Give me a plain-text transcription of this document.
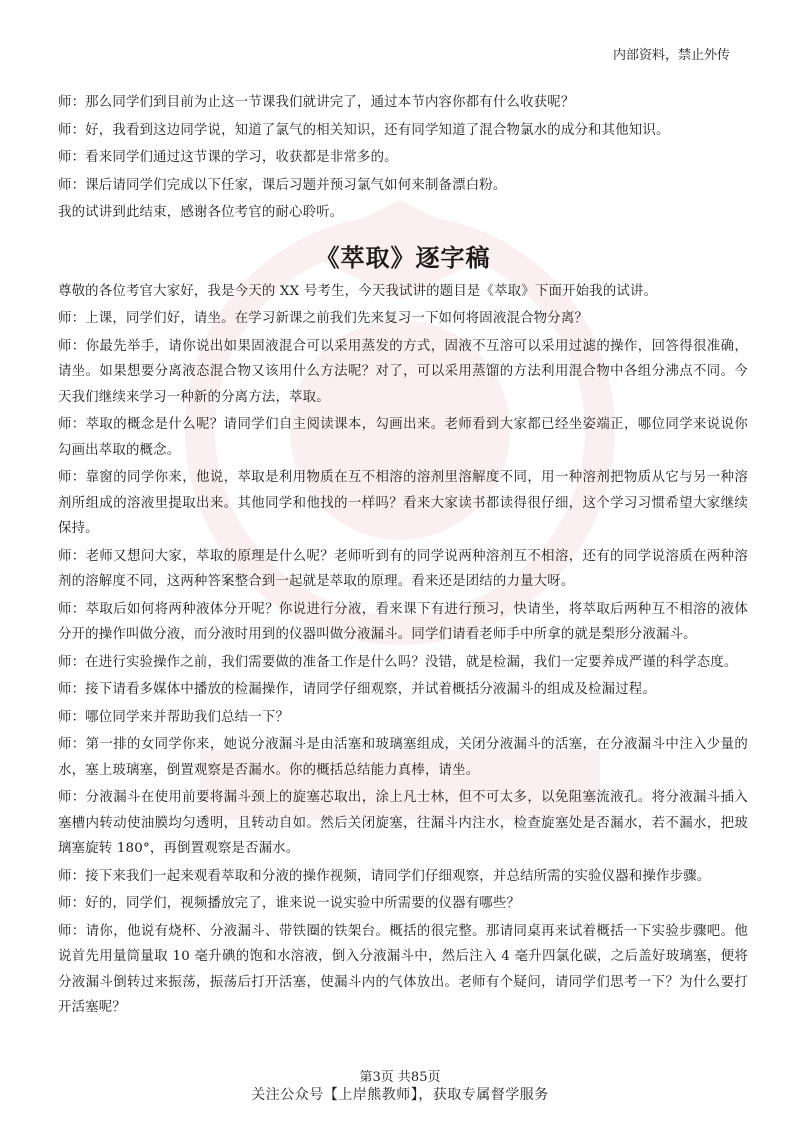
内部资料，禁止外传

师：那么同学们到目前为止这一节课我们就讲完了，通过本节内容你都有什么收获呢？

师：好，我看到这边同学说，知道了氯气的相关知识，还有同学知道了混合物氯水的成分和其他知识。

师：看来同学们通过这节课的学习，收获都是非常多的。

师：课后请同学们完成以下任家，课后习题并预习氯气如何来制备漂白粉。

我的试讲到此结束，感谢各位考官的耐心聆听。

《萃取》逐字稿

尊敬的各位考官大家好，我是今天的 XX 号考生，今天我试讲的题目是《萃取》下面开始我的试讲。

师：上课，同学们好，请坐。在学习新课之前我们先来复习一下如何将固液混合物分离？

师：你最先举手，请你说出如果固液混合可以采用蒸发的方式，固液不互溶可以采用过滤的操作，回答得很准确，请坐。如果想要分离液态混合物又该用什么方法呢？对了，可以采用蒸馏的方法利用混合物中各组分沸点不同。今天我们继续来学习一种新的分离方法，萃取。

师：萃取的概念是什么呢？请同学们自主阅读课本，勾画出来。老师看到大家都已经坐姿端正，哪位同学来说说你勾画出萃取的概念。

师：靠窗的同学你来，他说，萃取是利用物质在互不相溶的溶剂里溶解度不同，用一种溶剂把物质从它与另一种溶剂所组成的溶液里提取出来。其他同学和他找的一样吗？看来大家读书都读得很仔细，这个学习习惯希望大家继续保持。

师：老师又想问大家，萃取的原理是什么呢？老师听到有的同学说两种溶剂互不相溶，还有的同学说溶质在两种溶剂的溶解度不同，这两种答案整合到一起就是萃取的原理。看来还是团结的力量大呀。

师：萃取后如何将两种液体分开呢？你说进行分液，看来课下有进行预习，快请坐，将萃取后两种互不相溶的液体分开的操作叫做分液，而分液时用到的仪器叫做分液漏斗。同学们请看老师手中所拿的就是梨形分液漏斗。

师：在进行实验操作之前，我们需要做的准备工作是什么吗？没错，就是检漏，我们一定要养成严谨的科学态度。

师：接下请看多媒体中播放的检漏操作，请同学仔细观察，并试着概括分液漏斗的组成及检漏过程。

师：哪位同学来并帮助我们总结一下？

师：第一排的女同学你来，她说分液漏斗是由活塞和玻璃塞组成，关闭分液漏斗的活塞，在分液漏斗中注入少量的水，塞上玻璃塞，倒置观察是否漏水。你的概括总结能力真棒，请坐。

师：分液漏斗在使用前要将漏斗颈上的旋塞芯取出，涂上凡士林，但不可太多，以免阻塞流液孔。将分液漏斗插入塞槽内转动使油膜均匀透明，且转动自如。然后关闭旋塞，往漏斗内注水，检查旋塞处是否漏水，若不漏水，把玻璃塞旋转 180°，再倒置观察是否漏水。

师：接下来我们一起来观看萃取和分液的操作视频，请同学们仔细观察，并总结所需的实验仪器和操作步骤。

师：好的，同学们，视频播放完了，谁来说一说实验中所需要的仪器有哪些？

师：请你，他说有烧杯、分液漏斗、带铁圈的铁架台。概括的很完整。那请同桌再来试着概括一下实验步骤吧。他说首先用量筒量取 10 毫升碘的饱和水溶液，倒入分液漏斗中，然后注入 4 毫升四氯化碳，之后盖好玻璃塞，便将分液漏斗倒转过来振荡，振荡后打开活塞，使漏斗内的气体放出。老师有个疑问，请同学们思考一下？为什么要打开活塞呢？

第3页 共85页
关注公众号【上岸熊教师】，获取专属督学服务
